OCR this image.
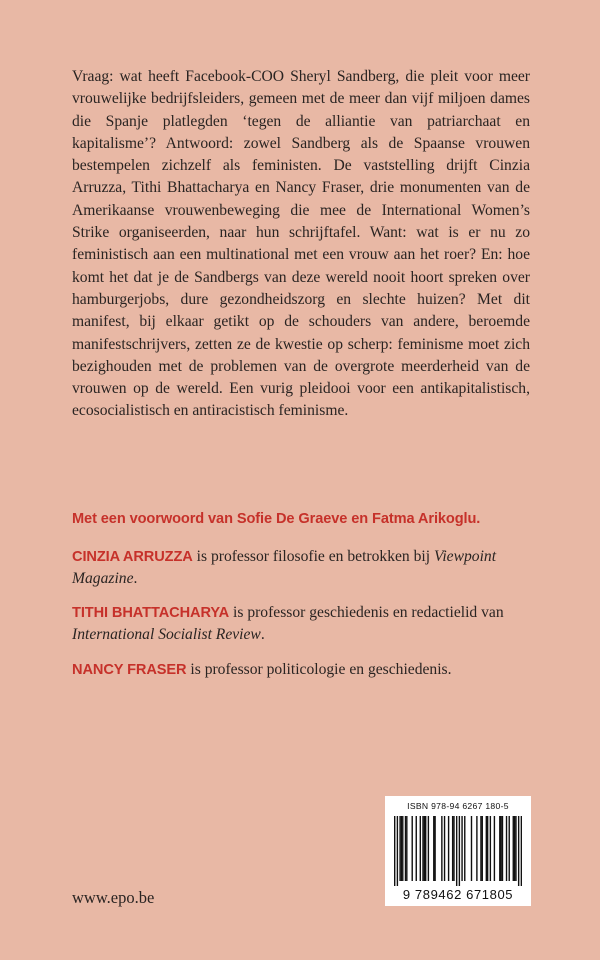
Vraag: wat heeft Facebook-COO Sheryl Sandberg, die pleit voor meer vrouwelijke bedrijfsleiders, gemeen met de meer dan vijf miljoen dames die Spanje platlegden ‘tegen de alliantie van patriarchaat en kapitalisme’? Antwoord: zowel Sandberg als de Spaanse vrouwen bestempelen zichzelf als feministen. De vaststelling drijft Cinzia Arruzza, Tithi Bhattacharya en Nancy Fraser, drie monumenten van de Amerikaanse vrouwenbeweging die mee de International Women’s Strike organiseerden, naar hun schrijftafel. Want: wat is er nu zo feministisch aan een multinational met een vrouw aan het roer? En: hoe komt het dat je de Sandbergs van deze wereld nooit hoort spreken over hamburgerjobs, dure gezondheidszorg en slechte huizen? Met dit manifest, bij elkaar getikt op de schouders van andere, beroemde manifestschrijvers, zetten ze de kwestie op scherp: feminisme moet zich bezighouden met de problemen van de overgrote meerderheid van de vrouwen op de wereld. Een vurig pleidooi voor een antikapitalistisch, ecosocialistisch en antiracistisch feminisme.

Met een voorwoord van Sofie De Graeve en Fatma Arikoglu.

CINZIA ARRUZZA is professor filosofie en betrokken bij Viewpoint Magazine.

TITHI BHATTACHARYA is professor geschiedenis en redactielid van International Socialist Review.

NANCY FRASER is professor politicologie en geschiedenis.

www.epo.be
ISBN 978-94 6267 180-5
9 789462 671805
